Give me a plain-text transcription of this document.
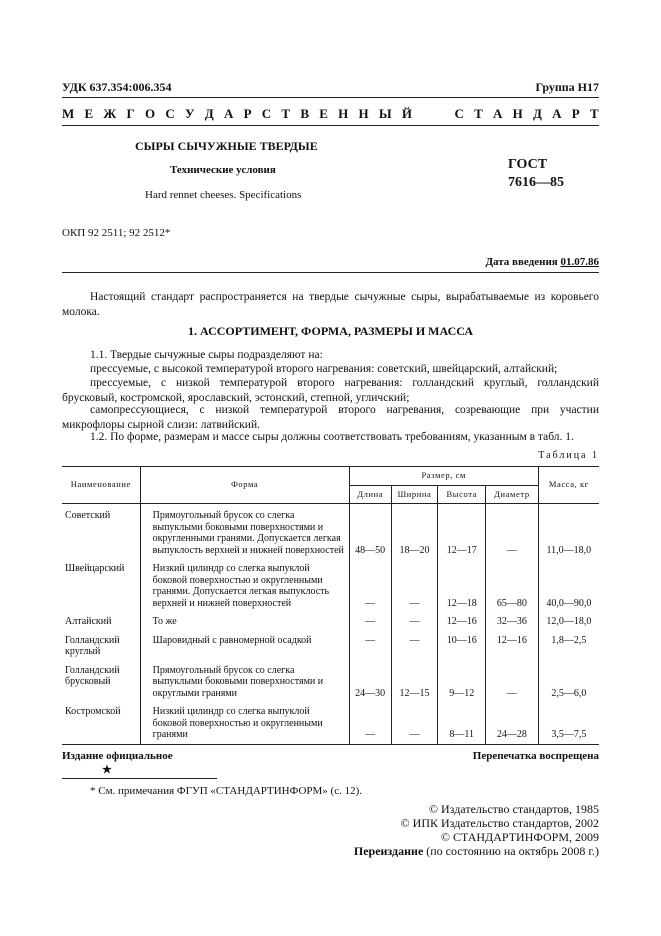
УДК 637.354:006.354	Группа Н17
М Е Ж Г О С У Д А Р С Т В Е Н Н Ы Й	С Т А Н Д А Р Т
СЫРЫ СЫЧУЖНЫЕ ТВЕРДЫЕ
Технические условия
Hard rennet cheeses. Specifications
ГОСТ
7616—85
ОКП 92 2511; 92 2512*
Дата введения 01.07.86
Настоящий стандарт распространяется на твердые сычужные сыры, вырабатываемые из коровьего молока.
1. АССОРТИМЕНТ, ФОРМА, РАЗМЕРЫ И МАССА
1.1. Твердые сычужные сыры подразделяют на:
прессуемые, с высокой температурой второго нагревания: советский, швейцарский, алтайский;
прессуемые, с низкой температурой второго нагревания: голландский круглый, голландский брусковый, костромской, ярославский, эстонский, степной, угличский;
самопрессующиеся, с низкой температурой второго нагревания, созревающие при участии микрофлоры сырной слизи: латвийский.
1.2. По форме, размерам и массе сыры должны соответствовать требованиям, указанным в табл. 1.
Таблица 1
Наименование	Форма	Размер, см				Масса, кг
		Длина	Ширина	Высота	Диаметр	
Советский	Прямоугольный брусок со слегка выпуклыми боковыми поверхностями и округленными гранями. Допускается легкая выпуклость верхней и нижней поверхностей	48—50	18—20	12—17	—	11,0—18,0
Швейцарский	Низкий цилиндр со слегка выпуклой боковой поверхностью и округленными гранями. Допускается легкая выпуклость верхней и нижней поверхностей	—	—	12—18	65—80	40,0—90,0
Алтайский	То же	—	—	12—16	32—36	12,0—18,0
Голландский круглый	Шаровидный с равномерной осадкой	—	—	10—16	12—16	1,8—2,5
Голландский брусковый	Прямоугольный брусок со слегка выпуклыми боковыми поверхностями и округлыми гранями	24—30	12—15	9—12	—	2,5—6,0
Костромской	Низкий цилиндр со слегка выпуклой боковой поверхностью и округленными гранями	—	—	8—11	24—28	3,5—7,5
Издание официальное
★
Перепечатка воспрещена
* См. примечания ФГУП «СТАНДАРТИНФОРМ» (с. 12).
© Издательство стандартов, 1985
© ИПК Издательство стандартов, 2002
© СТАНДАРТИНФОРМ, 2009
Переиздание (по состоянию на октябрь 2008 г.)
